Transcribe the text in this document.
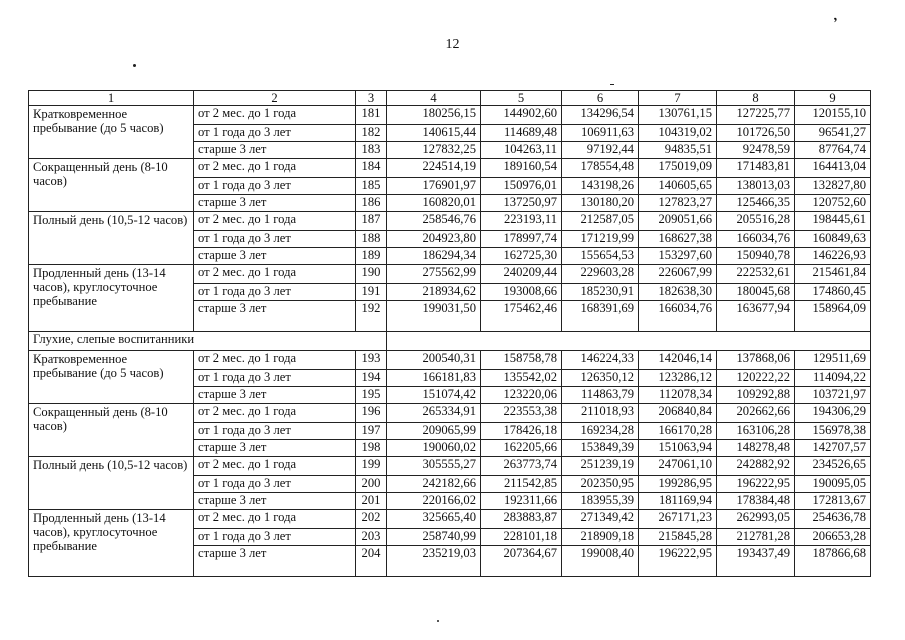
12
’
1	2	3	4	5	6	7	8	9
Кратковременное пребывание (до 5 часов)	от 2 мес. до 1 года	181	180256,15	144902,60	134296,54	130761,15	127225,77	120155,10
	от 1 года до 3 лет	182	140615,44	114689,48	106911,63	104319,02	101726,50	96541,27
	старше 3 лет	183	127832,25	104263,11	97192,44	94835,51	92478,59	87764,74
Сокращенный день (8-10 часов)	от 2 мес. до 1 года	184	224514,19	189160,54	178554,48	175019,09	171483,81	164413,04
	от 1 года до 3 лет	185	176901,97	150976,01	143198,26	140605,65	138013,03	132827,80
	старше 3 лет	186	160820,01	137250,97	130180,20	127823,27	125466,35	120752,60
Полный день (10,5-12 часов)	от 2 мес. до 1 года	187	258546,76	223193,11	212587,05	209051,66	205516,28	198445,61
	от 1 года до 3 лет	188	204923,80	178997,74	171219,99	168627,38	166034,76	160849,63
	старше 3 лет	189	186294,34	162725,30	155654,53	153297,60	150940,78	146226,93
Продленный день (13-14 часов), круглосуточное пребывание	от 2 мес. до 1 года	190	275562,99	240209,44	229603,28	226067,99	222532,61	215461,84
	от 1 года до 3 лет	191	218934,62	193008,66	185230,91	182638,30	180045,68	174860,45
	старше 3 лет	192	199031,50	175462,46	168391,69	166034,76	163677,94	158964,09
Глухие, слепые воспитанники								
Кратковременное пребывание (до 5 часов)	от 2 мес. до 1 года	193	200540,31	158758,78	146224,33	142046,14	137868,06	129511,69
	от 1 года до 3 лет	194	166181,83	135542,02	126350,12	123286,12	120222,22	114094,22
	старше 3 лет	195	151074,42	123220,06	114863,79	112078,34	109292,88	103721,97
Сокращенный день (8-10 часов)	от 2 мес. до 1 года	196	265334,91	223553,38	211018,93	206840,84	202662,66	194306,29
	от 1 года до 3 лет	197	209065,99	178426,18	169234,28	166170,28	163106,28	156978,38
	старше 3 лет	198	190060,02	162205,66	153849,39	151063,94	148278,48	142707,57
Полный день (10,5-12 часов)	от 2 мес. до 1 года	199	305555,27	263773,74	251239,19	247061,10	242882,92	234526,65
	от 1 года до 3 лет	200	242182,66	211542,85	202350,95	199286,95	196222,95	190095,05
	старше 3 лет	201	220166,02	192311,66	183955,39	181169,94	178384,48	172813,67
Продленный день (13-14 часов), круглосуточное пребывание	от 2 мес. до 1 года	202	325665,40	283883,87	271349,42	267171,23	262993,05	254636,78
	от 1 года до 3 лет	203	258740,99	228101,18	218909,18	215845,28	212781,28	206653,28
	старше 3 лет	204	235219,03	207364,67	199008,40	196222,95	193437,49	187866,68
